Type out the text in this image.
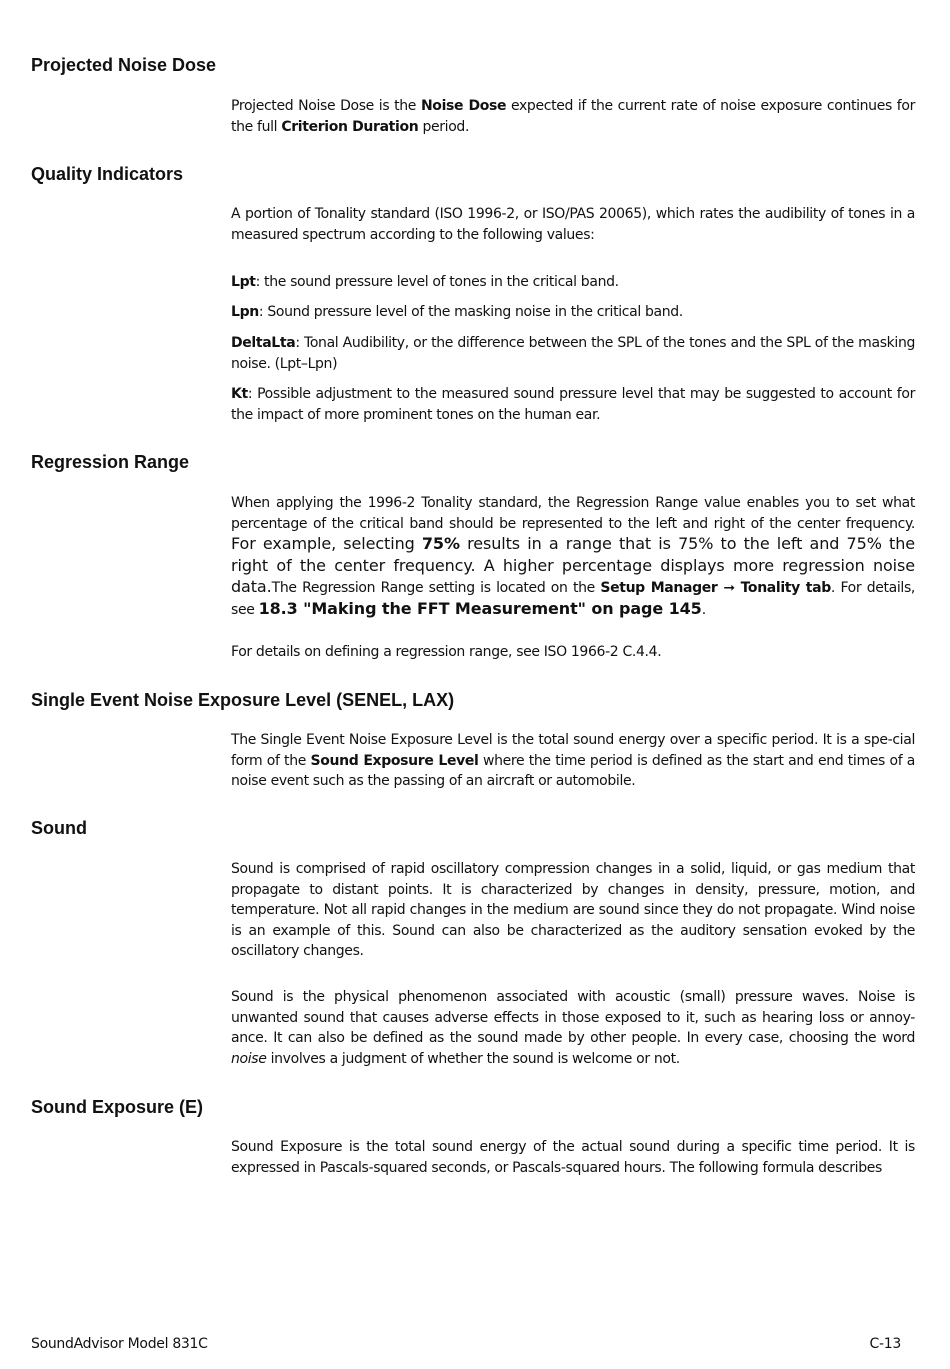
Projected Noise Dose

Projected Noise Dose is the Noise Dose expected if the current rate of noise exposure continues for the full Criterion Duration period.

Quality Indicators

A portion of Tonality standard (ISO 1996-2, or ISO/PAS 20065), which rates the audibility of tones in a measured spectrum according to the following values:

Lpt: the sound pressure level of tones in the critical band.

Lpn: Sound pressure level of the masking noise in the critical band.

DeltaLta: Tonal Audibility, or the difference between the SPL of the tones and the SPL of the masking noise. (Lpt–Lpn)

Kt: Possible adjustment to the measured sound pressure level that may be suggested to account for the impact of more prominent tones on the human ear.

Regression Range

When applying the 1996-2 Tonality standard, the Regression Range value enables you to set what percentage of the critical band should be represented to the left and right of the center frequency. For example, selecting 75% results in a range that is 75% to the left and 75% the right of the center frequency. A higher percentage displays more regression noise data.The Regression Range setting is located on the Setup Manager ➞ Tonality tab. For details, see 18.3 "Making the FFT Measurement" on page 145.

For details on defining a regression range, see ISO 1966-2 C.4.4.

Single Event Noise Exposure Level (SENEL, LAX)

The Single Event Noise Exposure Level is the total sound energy over a specific period. It is a spe-cial form of the Sound Exposure Level where the time period is defined as the start and end times of a noise event such as the passing of an aircraft or automobile.

Sound

Sound is comprised of rapid oscillatory compression changes in a solid, liquid, or gas medium that propagate to distant points. It is characterized by changes in density, pressure, motion, and temperature. Not all rapid changes in the medium are sound since they do not propagate. Wind noise is an example of this. Sound can also be characterized as the auditory sensation evoked by the oscillatory changes.

Sound is the physical phenomenon associated with acoustic (small) pressure waves. Noise is unwanted sound that causes adverse effects in those exposed to it, such as hearing loss or annoy-ance. It can also be defined as the sound made by other people. In every case, choosing the word noise involves a judgment of whether the sound is welcome or not.

Sound Exposure (E)

Sound Exposure is the total sound energy of the actual sound during a specific time period. It is expressed in Pascals-squared seconds, or Pascals-squared hours. The following formula describes

SoundAdvisor Model 831C	C-13
